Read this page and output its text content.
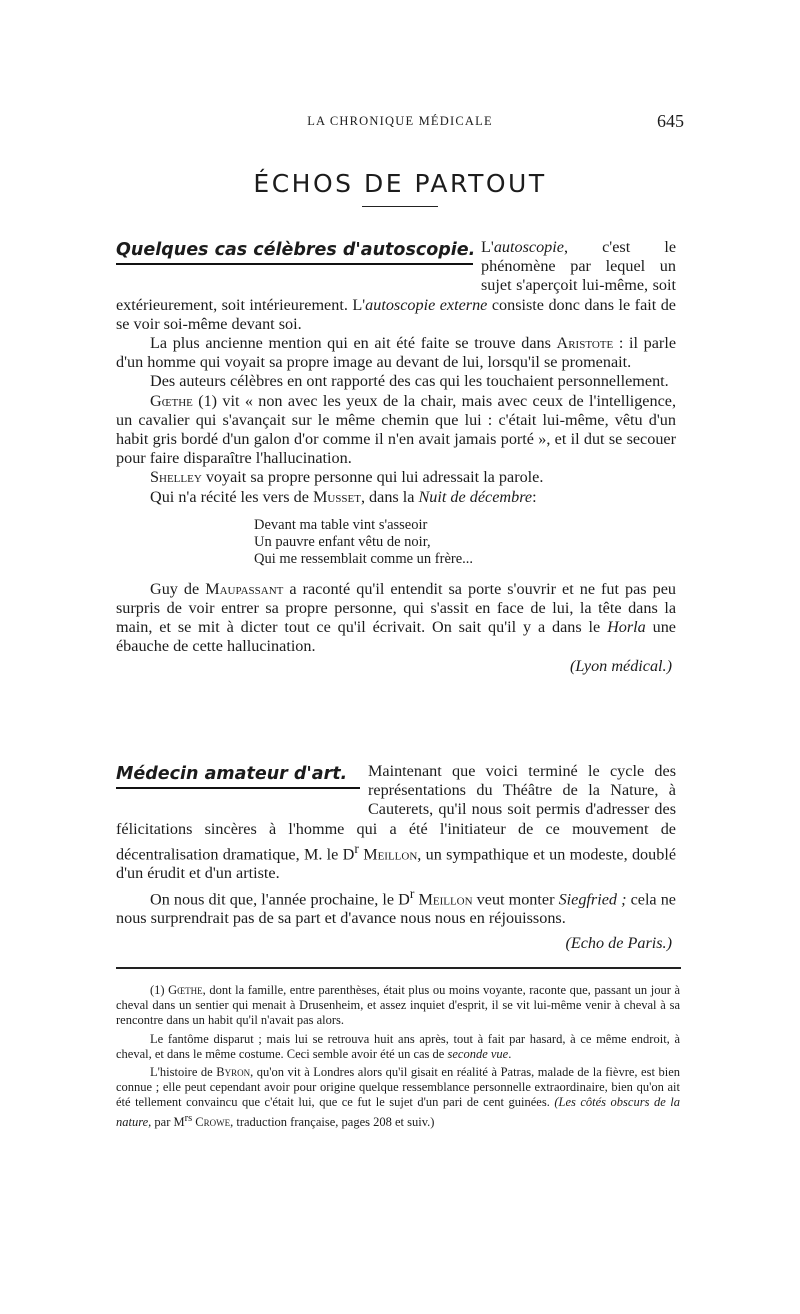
LA CHRONIQUE MÉDICALE	645
ÉCHOS DE PARTOUT
Quelques cas célèbres d'autoscopie. L'autoscopie, c'est le phénomène par lequel un sujet s'aperçoit lui-même, soit extérieurement, soit intérieurement. L'autoscopie externe consiste donc dans le fait de se voir soi-même devant soi.

La plus ancienne mention qui en ait été faite se trouve dans Aristote : il parle d'un homme qui voyait sa propre image au devant de lui, lorsqu'il se promenait.

Des auteurs célèbres en ont rapporté des cas qui les touchaient personnellement.

Gœthe (1) vit « non avec les yeux de la chair, mais avec ceux de l'intelligence, un cavalier qui s'avançait sur le même chemin que lui : c'était lui-même, vêtu d'un habit gris bordé d'un galon d'or comme il n'en avait jamais porté », et il dut se secouer pour faire disparaître l'hallucination.

Shelley voyait sa propre personne qui lui adressait la parole.

Qui n'a récité les vers de Musset, dans la Nuit de décembre:

Devant ma table vint s'asseoir
Un pauvre enfant vêtu de noir,
Qui me ressemblait comme un frère...

Guy de Maupassant a raconté qu'il entendit sa porte s'ouvrir et ne fut pas peu surpris de voir entrer sa propre personne, qui s'assit en face de lui, la tête dans la main, et se mit à dicter tout ce qu'il écrivait. On sait qu'il y a dans le Horla une ébauche de cette hallucination.

(Lyon médical.)

Médecin amateur d'art.	Maintenant que voici terminé le cycle des représentations du Théâtre de la Nature, à Cauterets, qu'il nous soit permis d'adresser des félicitations sincères à l'homme qui a été l'initiateur de ce mouvement de décentralisation dramatique, M. le $D^r$ Meillon, un sympathique et un modeste, doublé d'un érudit et d'un artiste.

On nous dit que, l'année prochaine, le $D^r$ Meillon veut monter Siegfried ; cela ne nous surprendrait pas de sa part et d'avance nous nous en réjouissons.

(Echo de Paris.)

(1) Gœthe, dont la famille, entre parenthèses, était plus ou moins voyante, raconte que, passant un jour à cheval dans un sentier qui menait à Drusenheim, et assez inquiet d'esprit, il se vit lui-même venir à cheval à sa rencontre dans un habit qu'il n'avait pas alors.

Le fantôme disparut ; mais lui se retrouva huit ans après, tout à fait par hasard, à ce même endroit, à cheval, et dans le même costume. Ceci semble avoir été un cas de seconde vue.

L'histoire de Byron, qu'on vit à Londres alors qu'il gisait en réalité à Patras, malade de la fièvre, est bien connue ; elle peut cependant avoir pour origine quelque ressemblance personnelle extraordinaire, bien qu'on ait été tellement convaincu que c'était lui, que ce fut le sujet d'un pari de cent guinées. (Les côtés obscurs de la nature, par $M^{rs}$ Crowe, traduction française, pages 208 et suiv.)
